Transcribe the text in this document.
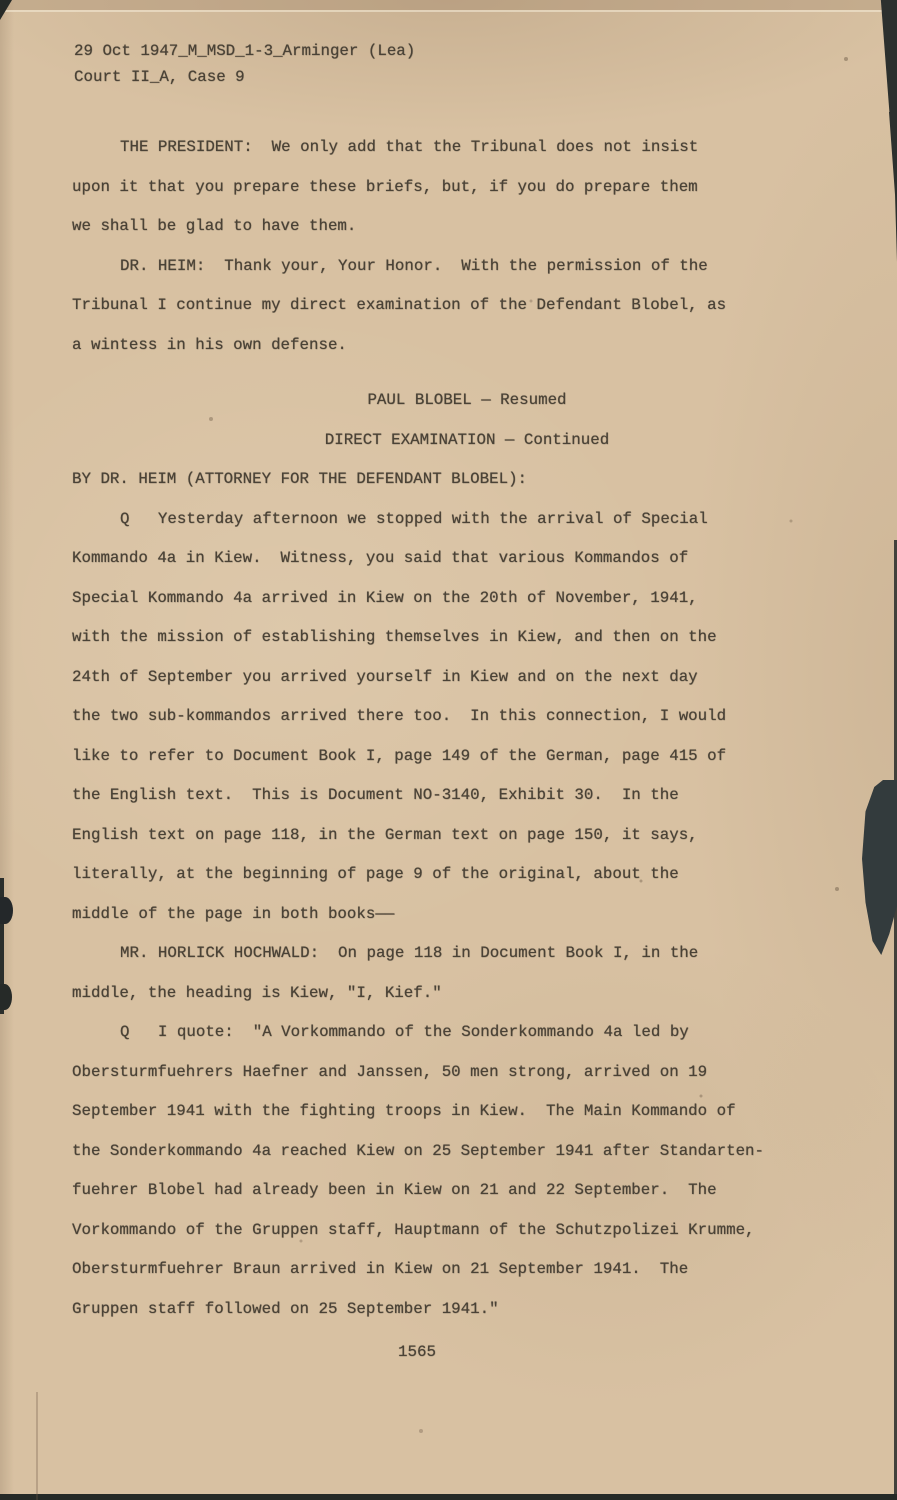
29 Oct 1947_M_MSD_1-3_Arminger (Lea)
Court II_A, Case 9
THE PRESIDENT:  We only add that the Tribunal does not insist
upon it that you prepare these briefs, but, if you do prepare them
we shall be glad to have them.
DR. HEIM:  Thank your, Your Honor.  With the permission of the
Tribunal I continue my direct examination of the Defendant Blobel, as
a wintess in his own defense.
PAUL BLOBEL — Resumed
DIRECT EXAMINATION — Continued
BY DR. HEIM (ATTORNEY FOR THE DEFENDANT BLOBEL):
Q   Yesterday afternoon we stopped with the arrival of Special
Kommando 4a in Kiew.  Witness, you said that various Kommandos of
Special Kommando 4a arrived in Kiew on the 20th of November, 1941,
with the mission of establishing themselves in Kiew, and then on the
24th of September you arrived yourself in Kiew and on the next day
the two sub-kommandos arrived there too.  In this connection, I would
like to refer to Document Book I, page 149 of the German, page 415 of
the English text.  This is Document NO-3140, Exhibit 30.  In the
English text on page 118, in the German text on page 150, it says,
literally, at the beginning of page 9 of the original, about the
middle of the page in both books——
MR. HORLICK HOCHWALD:  On page 118 in Document Book I, in the
middle, the heading is Kiew, "I, Kief."
Q   I quote:  "A Vorkommando of the Sonderkommando 4a led by
Obersturmfuehrers Haefner and Janssen, 50 men strong, arrived on 19
September 1941 with the fighting troops in Kiew.  The Main Kommando of
the Sonderkommando 4a reached Kiew on 25 September 1941 after Standarten-
fuehrer Blobel had already been in Kiew on 21 and 22 September.  The
Vorkommando of the Gruppen staff, Hauptmann of the Schutzpolizei Krumme,
Obersturmfuehrer Braun arrived in Kiew on 21 September 1941.  The
Gruppen staff followed on 25 September 1941."
1565
